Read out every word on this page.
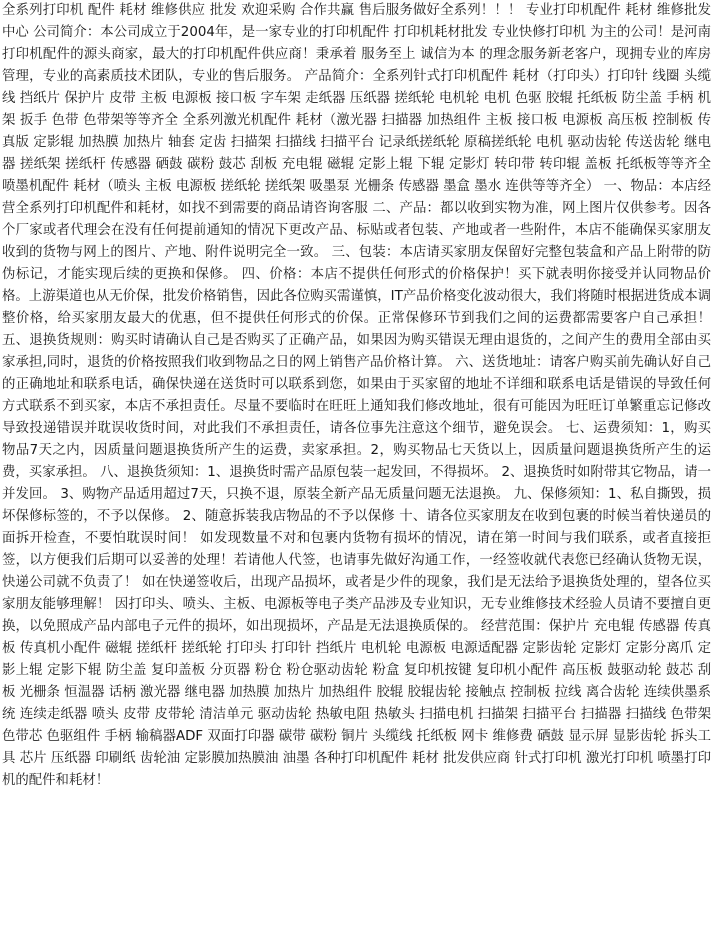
全系列打印机 配件 耗材 维修供应 批发 欢迎采购 合作共赢 售后服务做好全系列！！！ 专业打印机配件 耗材 维修批发中心 公司简介：本公司成立于2004年，是一家专业的打印机配件 打印机耗材批发 专业快修打印机 为主的公司！是河南打印机配件的源头商家，最大的打印机配件供应商！秉承着 服务至上 诚信为本 的理念服务新老客户，现拥专业的库房管理，专业的高素质技术团队，专业的售后服务。 产品简介：全系列针式打印机配件 耗材（打印头）打印针 线圈 头缆线 挡纸片 保护片 皮带 主板 电源板 接口板 字车架 走纸器 压纸器 搓纸轮 电机轮 电机 色驱 胶辊 托纸板 防尘盖 手柄 机架 扳手 色带 色带架等等齐全 全系列激光机配件 耗材（激光器 扫描器 加热组件 主板 接口板 电源板 高压板 控制板 传真版 定影辊 加热膜 加热片 轴套 定齿 扫描架 扫描线 扫描平台 记录纸搓纸轮 原稿搓纸轮 电机 驱动齿轮 传送齿轮 继电器 搓纸架 搓纸杆 传感器 硒鼓 碳粉 鼓芯 刮板 充电辊 磁辊 定影上辊 下辊 定影灯 转印带 转印辊 盖板 托纸板等等齐全 喷墨机配件 耗材（喷头 主板 电源板 搓纸轮 搓纸架 吸墨泵 光栅条 传感器 墨盒 墨水 连供等等齐全） 一、物品：本店经营全系列打印机配件和耗材，如找不到需要的商品请咨询客服 二、产品：都以收到实物为准，网上图片仅供参考。因各个厂家或者代理会在没有任何提前通知的情况下更改产品、标贴或者包装、产地或者一些附件，本店不能确保买家朋友收到的货物与网上的图片、产地、附件说明完全一致。 三、包装：本店请买家朋友保留好完整包装盒和产品上附带的防伪标记，才能实现后续的更换和保修。 四、价格：本店不提供任何形式的价格保护！买下就表明你接受并认同物品价格。上游渠道也从无价保，批发价格销售，因此各位购买需谨慎，IT产品价格变化波动很大，我们将随时根据进货成本调整价格，给买家朋友最大的优惠，但不提供任何形式的价保。正常保修环节到我们之间的运费都需要客户自己承担！ 五、退换货规则：购买时请确认自己是否购买了正确产品，如果因为购买错误无理由退货的，之间产生的费用全部由买家承担,同时，退货的价格按照我们收到物品之日的网上销售产品价格计算。 六、送货地址：请客户购买前先确认好自己的正确地址和联系电话，确保快递在送货时可以联系到您，如果由于买家留的地址不详细和联系电话是错误的导致任何方式联系不到买家，本店不承担责任。尽量不要临时在旺旺上通知我们修改地址，很有可能因为旺旺订单繁重忘记修改导致投递错误并耽误收货时间，对此我们不承担责任，请各位事先注意这个细节，避免误会。 七、运费须知：1，购买物品7天之内，因质量问题退换货所产生的运费，卖家承担。2，购买物品七天货以上，因质量问题退换货所产生的运费，买家承担。 八、退换货须知：1、退换货时需产品原包装一起发回，不得损坏。 2、退换货时如附带其它物品，请一并发回。 3、购物产品适用超过7天，只换不退，原装全新产品无质量问题无法退换。 九、保修须知：1、私自撕毁，损坏保修标签的，不予以保修。 2、随意拆装我店物品的不予以保修 十、请各位买家朋友在收到包裹的时候当着快递员的面拆开检查，不要怕耽误时间！ 如发现数量不对和包裹内货物有损坏的情况，请在第一时间与我们联系，或者直接拒签，以方便我们后期可以妥善的处理！若请他人代签，也请事先做好沟通工作，一经签收就代表您已经确认货物无误，快递公司就不负责了！ 如在快递签收后，出现产品损坏，或者是少件的现象，我们是无法给予退换货处理的，望各位买家朋友能够理解！ 因打印头、喷头、主板、电源板等电子类产品涉及专业知识，无专业维修技术经验人员请不要擅自更换，以免照成产品内部电子元件的损坏，如出现损坏，产品是无法退换质保的。 经营范围：保护片 充电辊 传感器 传真板 传真机小配件 磁辊 搓纸杆 搓纸轮 打印头 打印针 挡纸片 电机轮 电源板 电源适配器 定影齿轮 定影灯 定影分离爪 定影上辊 定影下辊 防尘盖 复印盖板 分页器 粉仓 粉仓驱动齿轮 粉盒 复印机按键 复印机小配件 高压板 鼓驱动轮 鼓芯 刮板 光栅条 恒温器 话柄 激光器 继电器 加热膜 加热片 加热组件 胶辊 胶辊齿轮 接触点 控制板 拉线 离合齿轮 连续供墨系统 连续走纸器 喷头 皮带 皮带轮 清洁单元 驱动齿轮 热敏电阻 热敏头 扫描电机 扫描架 扫描平台 扫描器 扫描线 色带架 色带芯 色驱组件 手柄 输稿器ADF 双面打印器 碳带 碳粉 铜片 头缆线 托纸板 网卡 维修费 硒鼓 显示屏 显影齿轮 拆头工具 芯片 压纸器 印刷纸 齿轮油 定影膜加热膜油 油墨 各种打印机配件 耗材 批发供应商 针式打印机 激光打印机 喷墨打印机的配件和耗材！
